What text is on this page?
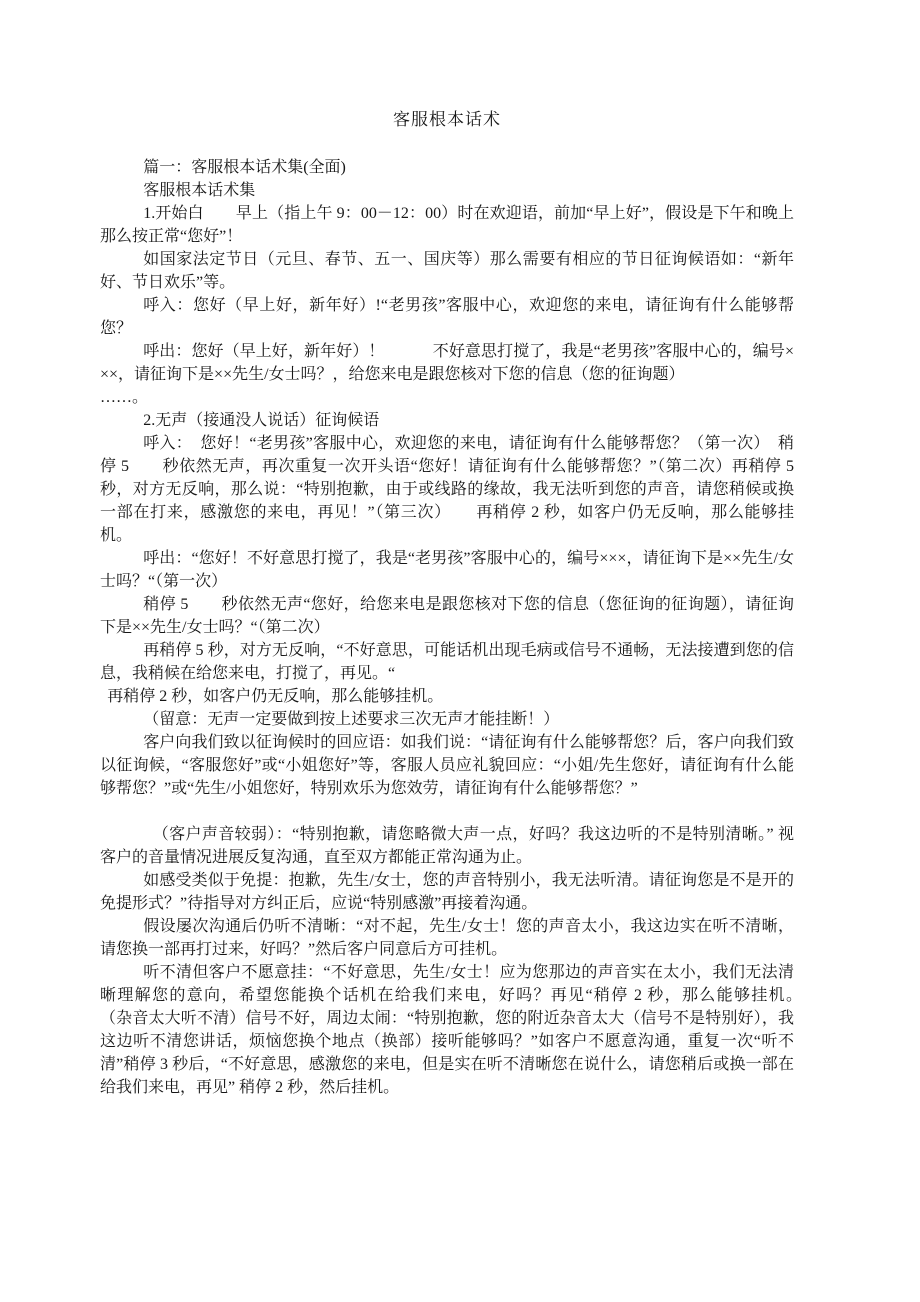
客服根本话术

篇一：客服根本话术集(全面)

客服根本话术集

1.开始白　　早上（指上午 9：00－12：00）时在欢迎语，前加“早上好”，假设是下午和晚上那么按正常“您好”！

如国家法定节日（元旦、春节、五一、国庆等）那么需要有相应的节日征询候语如：“新年好、节日欢乐”等。

呼入：您好（早上好，新年好）!“老男孩”客服中心，欢迎您的来电，请征询有什么能够帮您？

呼出：您好（早上好，新年好）！　　　不好意思打搅了，我是“老男孩”客服中心的，编号×××，请征询下是××先生/女士吗？，给您来电是跟您核对下您的信息（您的征询题）

……。

2.无声（接通没人说话）征询候语

呼入：　您好！“老男孩”客服中心，欢迎您的来电，请征询有什么能够帮您？（第一次）　稍停 5　　秒依然无声，再次重复一次开头语“您好！请征询有什么能够帮您？”（第二次）再稍停 5 秒，对方无反响，那么说：“特别抱歉，由于或线路的缘故，我无法听到您的声音，请您稍候或换一部在打来，感激您的来电，再见！”（第三次）　　再稍停 2 秒，如客户仍无反响，那么能够挂机。

呼出：“您好！不好意思打搅了，我是“老男孩”客服中心的，编号×××，请征询下是××先生/女士吗？“（第一次）

稍停 5　　秒依然无声“您好，给您来电是跟您核对下您的信息（您征询的征询题），请征询下是××先生/女士吗？“（第二次）

再稍停 5 秒，对方无反响，“不好意思，可能话机出现毛病或信号不通畅，无法接遭到您的信息，我稍候在给您来电，打搅了，再见。“

再稍停 2 秒，如客户仍无反响，那么能够挂机。

（留意：无声一定要做到按上述要求三次无声才能挂断！）

客户向我们致以征询候时的回应语：如我们说：“请征询有什么能够帮您？后，客户向我们致以征询候，“客服您好”或“小姐您好”等，客服人员应礼貌回应：“小姐/先生您好，请征询有什么能够帮您？”或“先生/小姐您好，特别欢乐为您效劳，请征询有什么能够帮您？”

（客户声音较弱）：“特别抱歉，请您略微大声一点，好吗？我这边听的不是特别清晰。” 视客户的音量情况进展反复沟通，直至双方都能正常沟通为止。

如感受类似于免提：抱歉，先生/女士，您的声音特别小，我无法听清。请征询您是不是开的免提形式？”待指导对方纠正后，应说“特别感激”再接着沟通。

假设屡次沟通后仍听不清晰：“对不起，先生/女士！您的声音太小，我这边实在听不清晰，请您换一部再打过来，好吗？”然后客户同意后方可挂机。

听不清但客户不愿意挂：“不好意思，先生/女士！应为您那边的声音实在太小，我们无法清晰理解您的意向，希望您能换个话机在给我们来电，好吗？再见“稍停 2 秒，那么能够挂机。　　　（杂音太大听不清）信号不好，周边太闹：“特别抱歉，您的附近杂音太大（信号不是特别好），我这边听不清您讲话，烦恼您换个地点（换部）接听能够吗？”如客户不愿意沟通，重复一次“听不清”稍停 3 秒后，“不好意思，感激您的来电，但是实在听不清晰您在说什么，请您稍后或换一部在给我们来电，再见” 稍停 2 秒，然后挂机。
